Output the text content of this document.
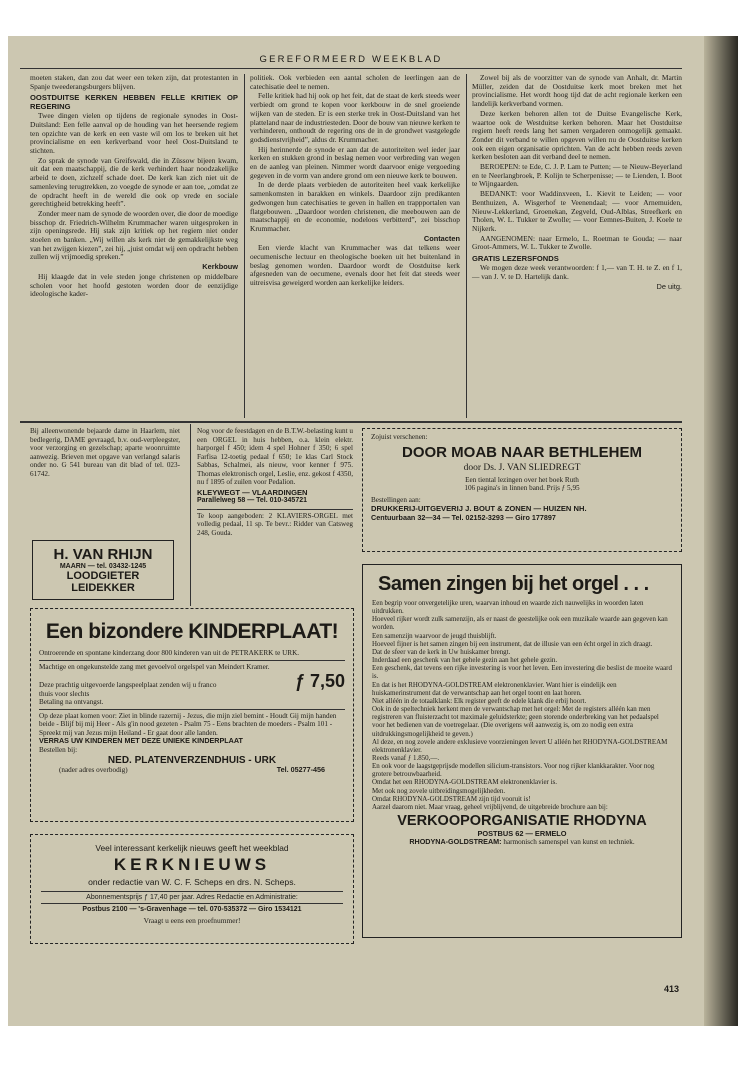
GEREFORMEERD WEEKBLAD

moeten staken, dan zou dat weer een teken zijn, dat protestanten in Spanje tweederangsburgers blijven.

OOSTDUITSE KERKEN HEBBEN FELLE KRITIEK OP REGERING

Twee dingen vielen op tijdens de regionale synodes in Oost-Duitsland: Een felle aanval op de houding van het heersende regiem ten opzichte van de kerk en een vaste wil om los te breken uit het provincialisme en een kerkverband voor heel Oost-Duitsland te stichten.

Zo sprak de synode van Greifswald, die in Züssow bijeen kwam, uit dat een maatschappij, die de kerk verhindert haar noodzakelijke arbeid te doen, zichzelf schade doet. De kerk kan zich niet uit de samenleving terugtrekken, zo voegde de synode er aan toe, „omdat ze de opdracht heeft in de wereld die ook op vrede en sociale gerechtigheid betrekking heeft”.

Zonder meer nam de synode de woorden over, die door de moedige bisschop dr. Friedrich-Wilhelm Krummacher waren uitgesproken in zijn openingsrede. Hij stak zijn kritiek op het regiem niet onder stoelen en banken. „Wij willen als kerk niet de gemakkelijkste weg van het zwijgen kiezen”, zei hij, „juist omdat wij een opdracht hebben zullen wij vrijmoedig spreken.”

Kerkbouw

Hij klaagde dat in vele steden jonge christenen op middelbare scholen voor het hoofd gestoten worden door de eenzijdige ideologische kader-

politiek. Ook verbieden een aantal scholen de leerlingen aan de catechisatie deel te nemen.

Felle kritiek had hij ook op het feit, dat de staat de kerk steeds weer verbiedt om grond te kopen voor kerkbouw in de snel groeiende wijken van de steden. Er is een sterke trek in Oost-Duitsland van het platteland naar de industriesteden. Door de bouw van nieuwe kerken te verhinderen, onthoudt de regering ons de in de grondwet vastgelegde godsdienstvrijheid”, aldus dr. Krummacher.

Hij herinnerde de synode er aan dat de autoriteiten wel ieder jaar kerken en stukken grond in beslag nemen voor verbreding van wegen en de aanleg van pleinen. Nimmer wordt daarvoor enige vergoeding gegeven in de vorm van andere grond om een nieuwe kerk te bouwen.

In de derde plaats verbieden de autoriteiten heel vaak kerkelijke samenkomsten in barakken en winkels. Daardoor zijn predikanten gedwongen hun catechisaties te geven in hallen en trappportalen van flatgebouwen. „Daardoor worden christenen, die meebouwen aan de maatschappij en de economie, nodeloos verbitterd”, zei bisschop Krummacher.

Contacten

Een vierde klacht van Krummacher was dat telkens weer oecumenische lectuur en theologische boeken uit het buitenland in beslag genomen worden. Daardoor wordt de Oostduitse kerk afgesneden van de oecumene, evenals door het feit dat steeds weer uitreisvisa geweigerd worden aan kerkelijke leiders.

Zowel bij als de voorzitter van de synode van Anhalt, dr. Martin Müller, zeiden dat de Oostduitse kerk moet breken met het provincialisme. Het wordt hoog tijd dat de acht regionale kerken een landelijk kerkverband vormen.

Deze kerken behoren allen tot de Duitse Evangelische Kerk, waartoe ook de Westduitse kerken behoren. Maar het Oostduitse regiem heeft reeds lang het samen vergaderen onmogelijk gemaakt. Zonder dit verband te willen opgeven willen nu de Oostduitse kerken ook een eigen organisatie oprichten. Van de acht hebben reeds zeven kerken besloten aan dit verband deel te nemen.

BEROEPEN: te Ede, C. J. P. Lam te Putten; — te Nieuw-Beyerland en te Neerlangbroek, P. Kolijn te Scherpenisse; — te Lienden, I. Boot te Wijngaarden.

BEDANKT: voor Waddinxveen, L. Kievit te Leiden; — voor Benthuizen, A. Wisgerhof te Veenendaal; — voor Arnemuiden, Nieuw-Lekkerland, Groenekan, Zegveld, Oud-Alblas, Streefkerk en Tholen, W. L. Tukker te Zwolle; — voor Eemnes-Buiten, J. Koele te Nijkerk.

AANGENOMEN: naar Ermelo, L. Roetman te Gouda; — naar Groot-Ammers, W. L. Tukker te Zwolle.

GRATIS LEZERSFONDS

We mogen deze week verantwoorden: f 1,— van T. H. te Z. en f 1,— van J. V. te D. Hartelijk dank.

De uitg.

Bij alleenwonende bejaarde dame in Haarlem, niet bedlegerig, DAME gevraagd, b.v. oud-verpleegster, voor verzorging en gezelschap; aparte woonruimte aanwezig. Brieven met opgave van verlangd salaris onder no. G 541 bureau van dit blad of tel. 023-61742.

H. VAN RHIJN
MAARN — tel. 03432-1245
LOODGIETER
LEIDEKKER

Nog voor de feestdagen en de B.T.W.-belasting kunt u een ORGEL in huis hebben, o.a. klein elektr. harporgel f 450; idem 4 spel Hohner f 350; 6 spel Farfisa 12-toetig pedaal f 650; 1e klas Carl Stock Sabbas, Schalmei, als nieuw, voor kenner f 975. Thomas elektronisch orgel, Leslie, enz. gekost f 4350, nu f 1895 of zuilen voor Pedalion.

KLEYWEGT — VLAARDINGEN
Parallelweg 58 — Tel. 010-345721

Te koop aangeboden: 2 KLAVIERS-ORGEL met volledig pedaal, 11 sp. Te bevr.: Ridder van Catsweg 248, Gouda.

Een bizondere KINDERPLAAT!
Ontroerende en spontane kinderzang door 800 kinderen van uit de PETRAKERK te URK.
Machtige en ongekunstelde zang met gevoelvol orgelspel van Meindert Kramer.
Deze prachtig uitgevoerde langspeelplaat zenden wij u franco thuis voor slechts
ƒ 7,50
Betaling na ontvangst.
Op deze plaat komen voor: Ziet in blinde razernij - Jezus, die mijn ziel bemint - Houdt Gij mijn handen beide - Blijf bij mij Heer - Als g'in nood gezeten - Psalm 75 - Eens brachten de moeders - Psalm 101 - Spreekt mij van Jezus mijn Heiland - Er gaat door alle landen.
VERRAS UW KINDEREN MET DEZE UNIEKE KINDERPLAAT
Bestellen bij:
NED. PLATENVERZENDHUIS - URK
(nader adres overbodig)	Tel. 05277-456
Veel interessant kerkelijk nieuws geeft het weekblad
KERKNIEUWS
onder redactie van W. C. F. Scheps en drs. N. Scheps.
Abonnementsprijs ƒ 17,40 per jaar. Adres Redactie en Administratie:
Postbus 2100 — 's-Gravenhage — tel. 070-535372 — Giro 1534121
Vraagt u eens een proefnummer!
Zojuist verschenen:
DOOR MOAB NAAR BETHLEHEM
door Ds. J. VAN SLIEDREGT
Een tiental lezingen over het boek Ruth
106 pagina's in linnen band. Prijs ƒ 5,95
Bestellingen aan:
DRUKKERIJ-UITGEVERIJ J. BOUT & ZONEN — HUIZEN NH.
Centuurbaan 32—34 — Tel. 02152-3293 — Giro 177897
Samen zingen bij het orgel . . .
Een begrip voor onvergetelijke uren, waarvan inhoud en waarde zich nauwelijks in woorden laten uitdrukken.
Hoeveel rijker wordt zulk samenzijn, als er naast de geestelijke ook een muzikale waarde aan gegeven kan worden.
Een samenzijn waarvoor de jeugd thuisblijft.
Hoeveel fijner is het samen zingen bij een instrument, dat de illusie van een écht orgel in zich draagt.
Dat de sfeer van de kerk in Uw huiskamer brengt.
Inderdaad een geschenk van het gehele gezin aan het gehele gezin.
Een geschenk, dat tevens een rijke investering is voor het leven. Een investering die beslist de moeite waard is.
En dat is het RHODYNA-GOLDSTREAM elektronenklavier. Want hier is eindelijk een huiskamerinstrument dat de verwantschap aan het orgel toont en laat horen.
Niet alléén in de totaalklank: Elk register geeft de edele klank die erbij hoort.
Ook in de speltechniek herkent men de verwantschap met het orgel: Met de registers alléén kan men registreren van fluisterzacht tot maximale geluidsterkte; geen storende onderbreking van het pedaalspel voor het bedienen van de voetregelaar. (Die overigens wél aanwezig is, om zo nodig een extra uitdrukkingsmogelijkheid te geven.)
Al deze, en nog zovele andere exklusieve voorzieningen levert U alléén het RHODYNA-GOLDSTREAM elektronenklavier.
Reeds vanaf ƒ 1.850,—.
En ook voor de laagstgeprijsde modellen silicium-transistors. Voor nog rijker klankkarakter. Voor nog grotere betrouwbaarheid.
Omdat het een RHODYNA-GOLDSTREAM elektronenklavier is.
Met ook nog zovele uitbreidingsmogelijkheden.
Omdat RHODYNA-GOLDSTREAM zijn tijd vooruit is!
Aarzel daarom niet. Maar vraag, geheel vrijblijvend, de uitgebreide brochure aan bij:
VERKOOPORGANISATIE RHODYNA
POSTBUS 62 — ERMELO
RHODYNA-GOLDSTREAM: harmonisch samenspel van kunst en techniek.
413
